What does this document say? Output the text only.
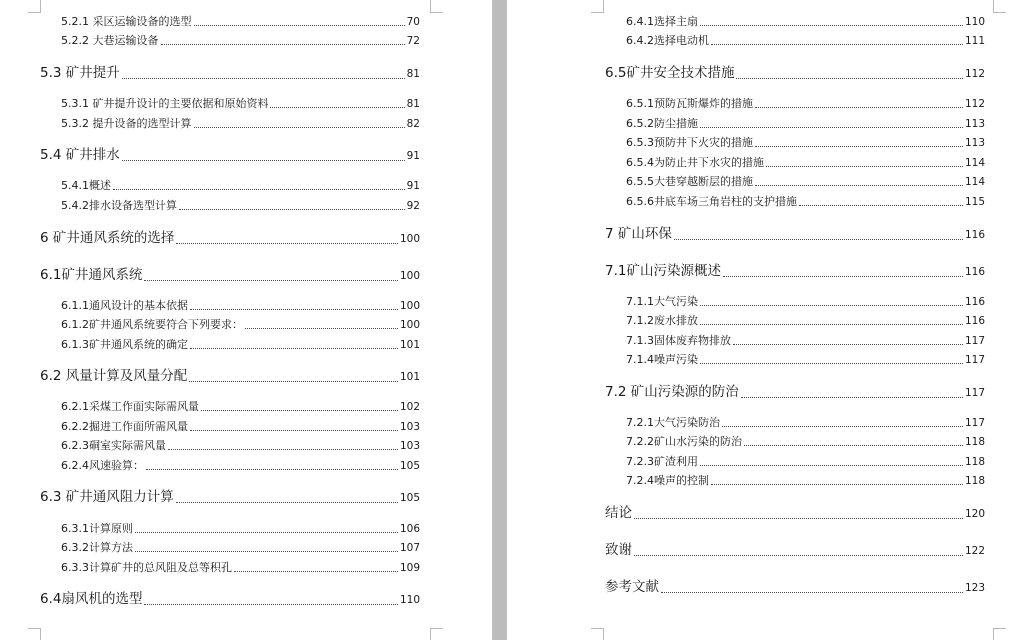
5.2.1 采区运输设备的选型	70
5.2.2 大巷运输设备	72
5.3 矿井提升	81
5.3.1 矿井提升设计的主要依据和原始资料	81
5.3.2 提升设备的选型计算	82
5.4 矿井排水	91
5.4.1概述	91
5.4.2排水设备选型计算	92
6 矿井通风系统的选择	100
6.1矿井通风系统	100
6.1.1通风设计的基本依据	100
6.1.2矿井通风系统要符合下列要求：	100
6.1.3矿井通风系统的确定	101
6.2 风量计算及风量分配	101
6.2.1采煤工作面实际需风量	102
6.2.2掘进工作面所需风量	103
6.2.3硐室实际需风量	103
6.2.4风速验算：	105
6.3 矿井通风阻力计算	105
6.3.1计算原则	106
6.3.2计算方法	107
6.3.3计算矿井的总风阻及总等积孔	109
6.4扇风机的选型	110
6.4.1选择主扇	110
6.4.2选择电动机	111
6.5矿井安全技术措施	112
6.5.1预防瓦斯爆炸的措施	112
6.5.2防尘措施	113
6.5.3预防井下火灾的措施	113
6.5.4为防止井下水灾的措施	114
6.5.5大巷穿越断层的措施	114
6.5.6井底车场三角岩柱的支护措施	115
7 矿山环保	116
7.1矿山污染源概述	116
7.1.1大气污染	116
7.1.2废水排放	116
7.1.3固体废弃物排放	117
7.1.4噪声污染	117
7.2 矿山污染源的防治	117
7.2.1大气污染防治	117
7.2.2矿山水污染的防治	118
7.2.3矿渣利用	118
7.2.4噪声的控制	118
结论	120
致谢	122
参考文献	123
